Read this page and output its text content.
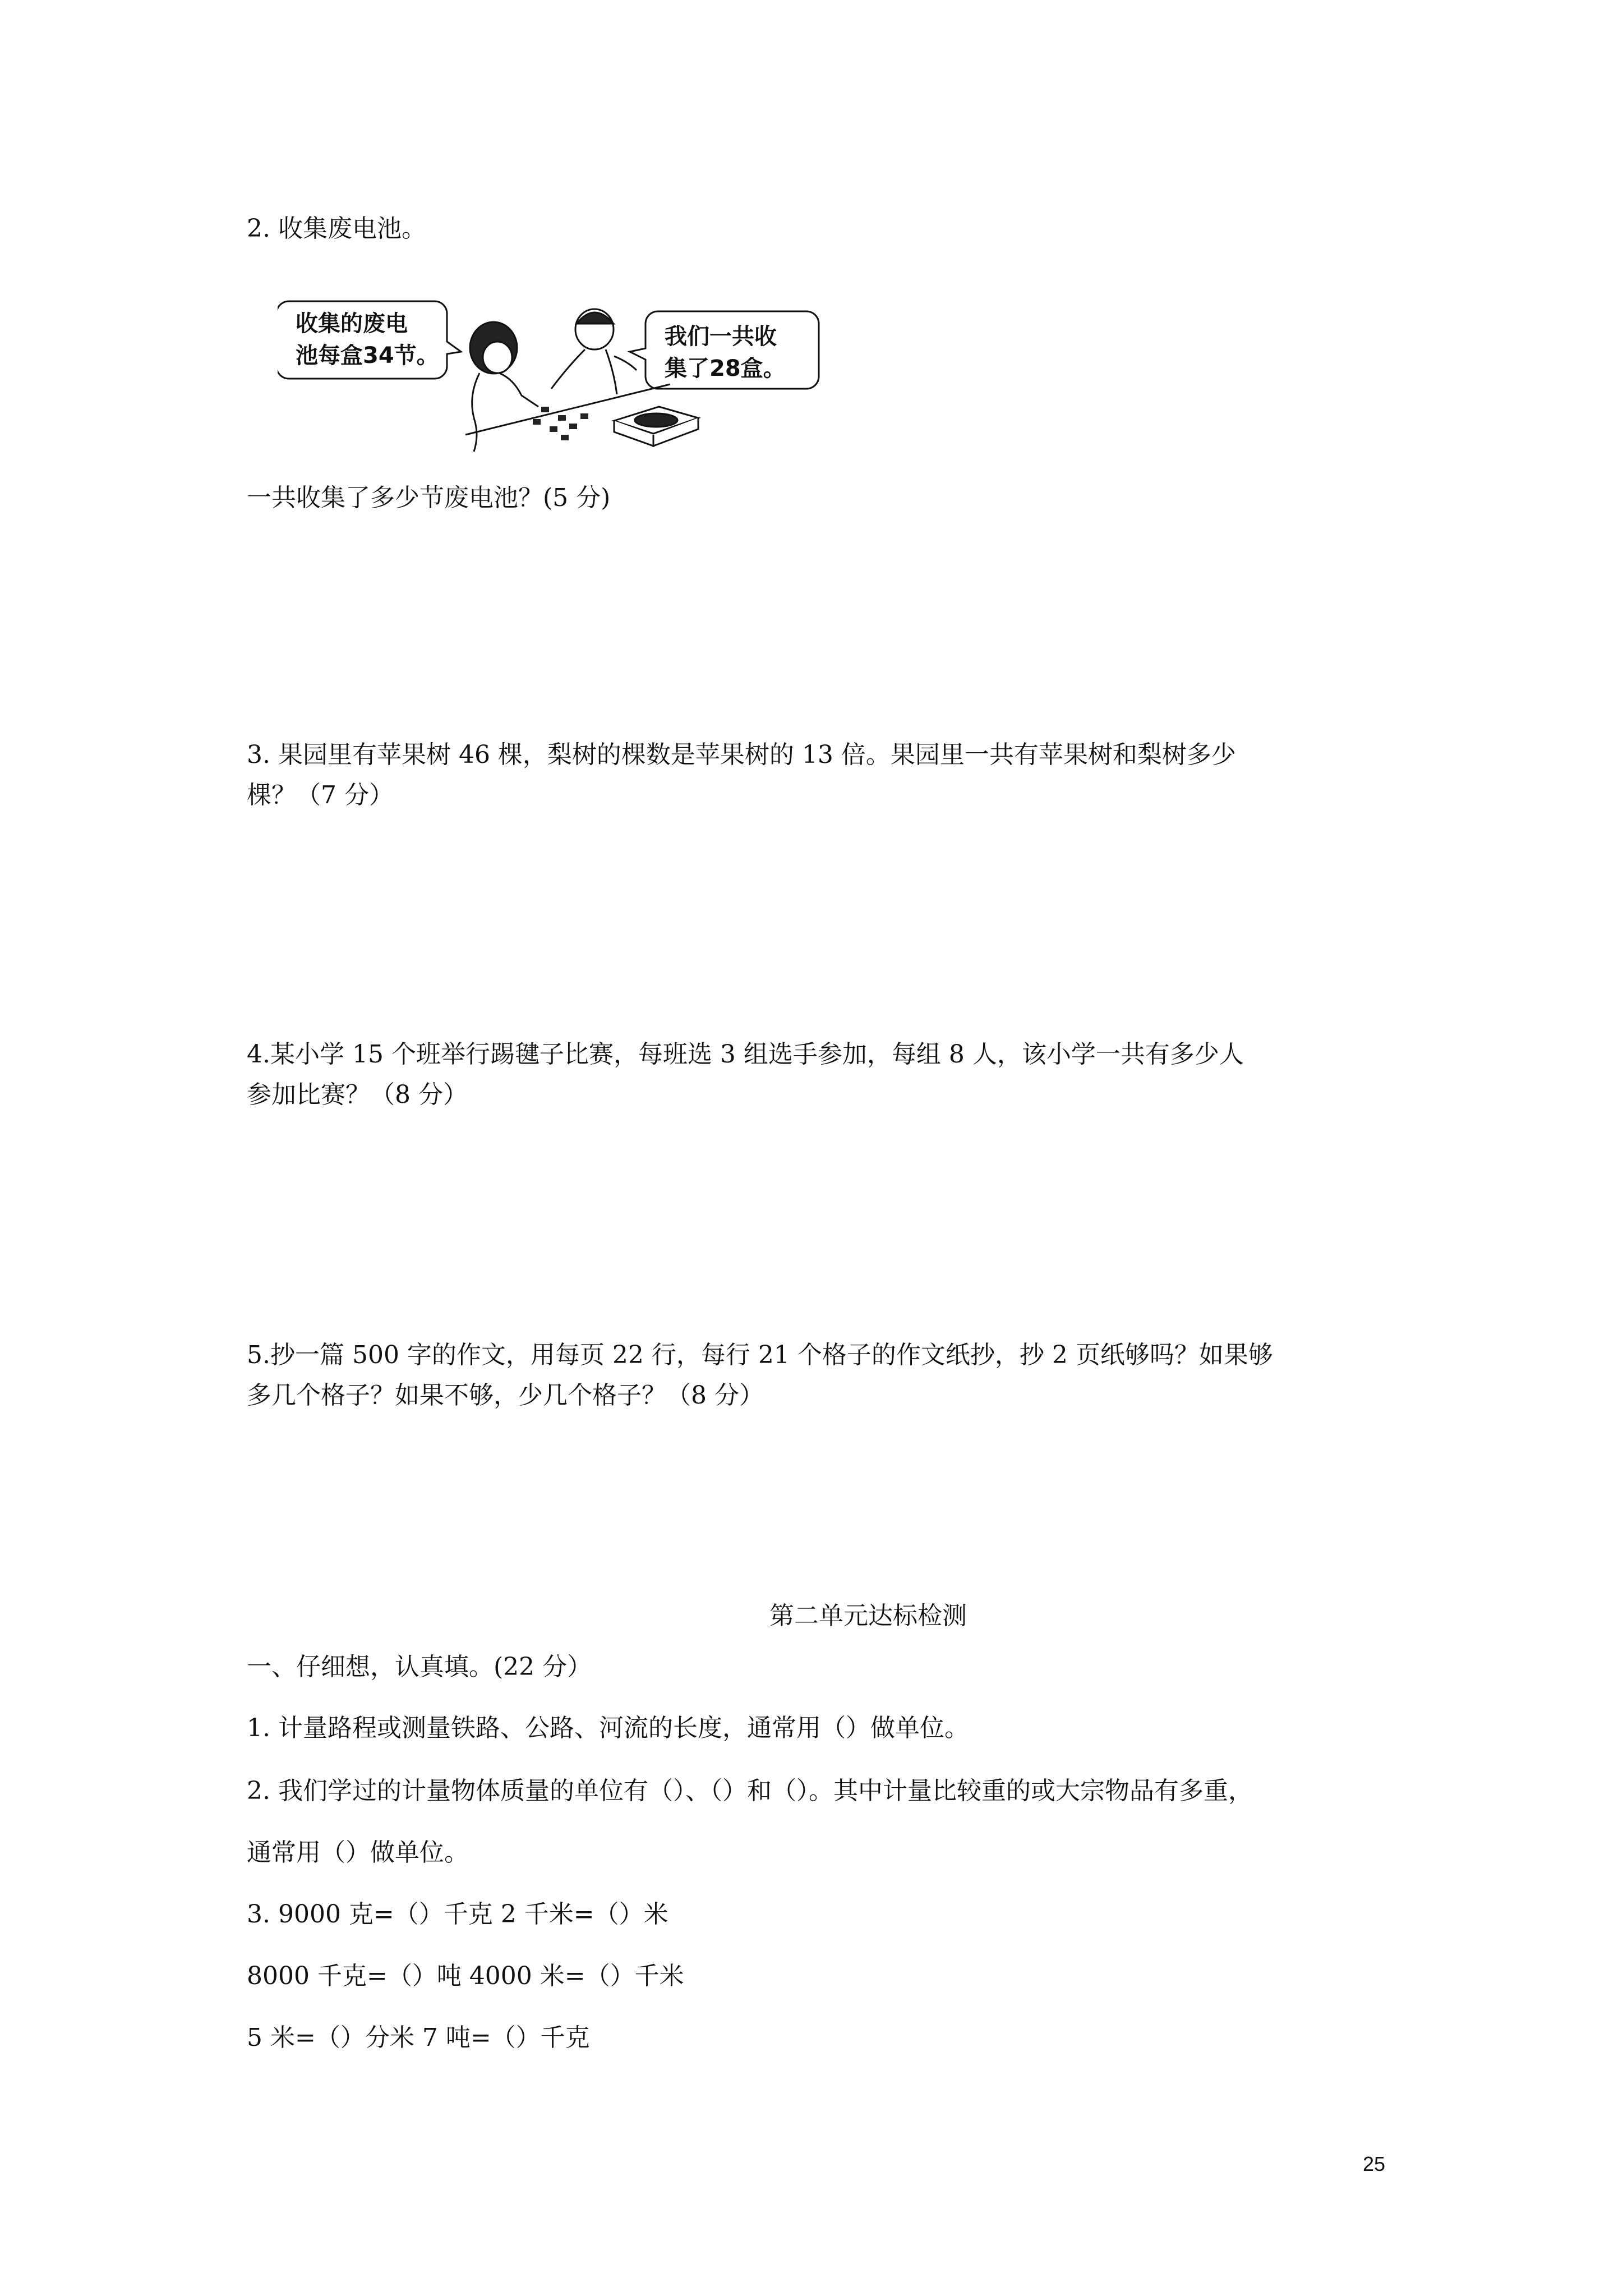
2. 收集废电池。
收集的废电
池每盒34节。
我们一共收
集了28盒。
一共收集了多少节废电池？(5 分)
3. 果园里有苹果树 46 棵，梨树的棵数是苹果树的 13 倍。果园里一共有苹果树和梨树多少
棵？（7 分）
4.某小学 15 个班举行踢毽子比赛，每班选 3 组选手参加，每组 8 人，该小学一共有多少人
参加比赛？（8 分）
5.抄一篇 500 字的作文，用每页 22 行，每行 21 个格子的作文纸抄，抄 2 页纸够吗？如果够
多几个格子？如果不够，少几个格子？（8 分）
第二单元达标检测
一、仔细想，认真填。(22 分）
1. 计量路程或测量铁路、公路、河流的长度，通常用（）做单位。
2. 我们学过的计量物体质量的单位有（）、（）和（）。其中计量比较重的或大宗物品有多重，
通常用（）做单位。
3. 9000 克=（）千克 2 千米=（）米
8000 千克=（）吨 4000 米=（）千米
5 米=（）分米 7 吨=（）千克
25
